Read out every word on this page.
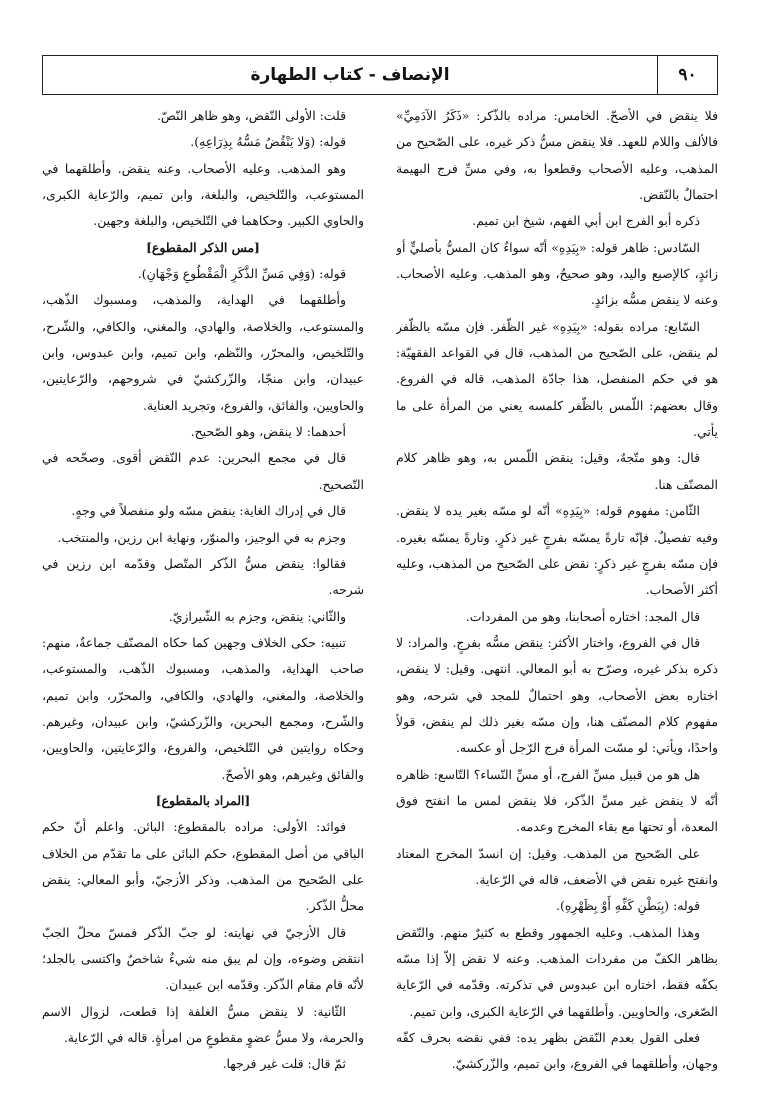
٩٠
الإنصاف - كتاب الطهارة

فلا ينقض في الأصحّ. الخامس: مراده بالذّكر: «ذَكَرُ الآدَمِيِّ» فالألف واللام للعهد. فلا ينقض مسُّ ذكر غيره، على الصّحيح من المذهب، وعليه الأصحاب وقطعوا به، وفي مسِّ فرج البهيمة احتمالٌ بالنّقض.

ذكره أبو الفرج ابن أبي الفهم، شيخ ابن تميم.

السّادس: ظاهر قوله: «بِيَدِهِ» أنّه سواءٌ كان المسُّ بأصليٍّ أو زائدٍ، كالإصبع واليد، وهو صحيحٌ، وهو المذهب. وعليه الأصحاب. وعنه لا ينقض مسُّه بزائدٍ.

السّابع: مراده بقوله: «بِيَدِهِ» غير الظّفر. فإن مسّه بالظّفر لم ينقض، على الصّحيح من المذهب، قال في القواعد الفقهيّة: هو في حكم المنفصل، هذا جادّة المذهب، قاله في الفروع. وقال بعضهم: اللّمس بالظّفر كلمسه يعني من المرأة على ما يأتي.

قال: وهو متّجهٌ، وقيل: ينقض اللّمس به، وهو ظاهر كلام المصنّف هنا.

الثّامن: مفهوم قوله: «بِيَدِهِ» أنّه لو مسّه بغير يده لا ينقض. وفيه تفصيلٌ. فإنّه تارةً يمسّه بفرجٍ غير ذكرٍ. وتارةً يمسّه بغيره. فإن مسّه بفرجٍ غير ذكرٍ: نقض على الصّحيح من المذهب، وعليه أكثر الأصحاب.

قال المجد: اختاره أصحابنا، وهو من المفردات.

قال في الفروع، واختار الأكثر: ينقض مسُّه بفرجٍ. والمراد: لا ذكره بذكر غيره، وصرّح به أبو المعالي. انتهى. وقيل: لا ينقض، اختاره بعض الأصحاب، وهو احتمالٌ للمجد في شرحه، وهو مفهوم كلام المصنّف هنا، وإن مسّه بغير ذلك لم ينقض، قولاً واحدًا، ويأتي: لو مسّت المرأة فرج الرّجل أو عكسه.

هل هو من قبيل مسِّ الفرج، أو مسِّ النّساء؟ التّاسع: ظاهره أنّه لا ينقض غير مسِّ الذّكر، فلا ينقض لمس ما انفتح فوق المعدة، أو تحتها مع بقاء المخرج وعدمه.

على الصّحيح من المذهب. وقيل: إن انسدّ المخرج المعتاد وانفتح غيره نقض في الأضعف، قاله في الرّعاية.

قوله: (بِبَطْنِ كَفِّهِ أَوْ بِظَهْرِهِ).

وهذا المذهب. وعليه الجمهور وقطع به كثيرٌ منهم. والنّقض بظاهر الكفّ من مفردات المذهب. وعنه لا نقض إلاّ إذا مسّه بكفّه فقط، اختاره ابن عبدوس في تذكرته. وقدّمه في الرّعاية الصّغرى، والحاويين. وأطلقهما في الرّعاية الكبرى، وابن تميم.

فعلى القول بعدم النّقض بظهر يده: ففي نقضه بحرف كفّه وجهان، وأطلقهما في الفروع، وابن تميم، والزّركشيّ.

قلت: الأولى النّقض، وهو ظاهر النّصّ.

قوله: (وَلا يَنْقُضُ مَسُّهُ بِذِرَاعِهِ).

وهو المذهب. وعليه الأصحاب. وعنه ينقض. وأطلقهما في المستوعب، والتّلخيص، والبلغة، وابن تميم، والرّعاية الكبرى، والحاوي الكبير. وحكاهما في التّلخيص، والبلغة وجهين.

[مس الذكر المقطوع]

قوله: (وَفِي مَسِّ الذَّكَرِ الْمَقْطُوعِ وَجْهَانِ).

وأطلقهما في الهداية، والمذهب، ومسبوك الذّهب، والمستوعب، والخلاصة، والهادي، والمغني، والكافي، والشّرح، والتّلخيص، والمحرّر، والنّظم، وابن تميم، وابن عبدوس، وابن عبيدان، وابن منجّا، والزّركشيّ في شروحهم، والرّعايتين، والحاويين، والفائق، والفروع، وتجريد العناية.

أحدهما: لا ينقض، وهو الصّحيح.

قال في مجمع البحرين: عدم النّقض أقوى. وصحّحه في التّصحيح.

قال في إدراك الغاية: ينقض مسّه ولو منفصلاً في وجهٍ.

وجزم به في الوجيز، والمنوّر، ونهاية ابن رزين، والمنتخب.

فقالوا: ينقض مسُّ الذّكر المتّصل وقدّمه ابن رزين في شرحه.

والثّاني: ينقض، وجزم به الشّيرازيّ.

تنبيه: حكى الخلاف وجهين كما حكاه المصنّف جماعةٌ، منهم: صاحب الهداية، والمذهب، ومسبوك الذّهب، والمستوعب، والخلاصة، والمغني، والهادي، والكافي، والمحرّر، وابن تميم، والشّرح، ومجمع البحرين، والزّركشيّ، وابن عبيدان، وغيرهم. وحكاه روايتين في التّلخيص، والفروع، والرّعايتين، والحاويين، والفائق وغيرهم، وهو الأصحّ.

[المراد بالمقطوع]

فوائد: الأولى: مراده بالمقطوع: البائن. واعلم أنّ حكم الباقي من أصل المقطوع، حكم البائن على ما تقدّم من الخلاف على الصّحيح من المذهب. وذكر الأزجيّ، وأبو المعالي: ينقض محلُّ الذّكر.

قال الأزجيّ في نهايته: لو جبّ الذّكر فمسّ محلّ الجبّ انتقض وضوءه، وإن لم يبق منه شيءٌ شاخصٌ واكتسى بالجلد؛ لأنّه قام مقام الذّكر. وقدّمه ابن عبيدان.

الثّانية: لا ينقض مسُّ الغلفة إذا قطعت، لزوال الاسم والحرمة، ولا مسُّ عضوٍ مقطوعٍ من امرأةٍ. قاله في الرّعاية.

ثمّ قال: قلت غير فرجها.
